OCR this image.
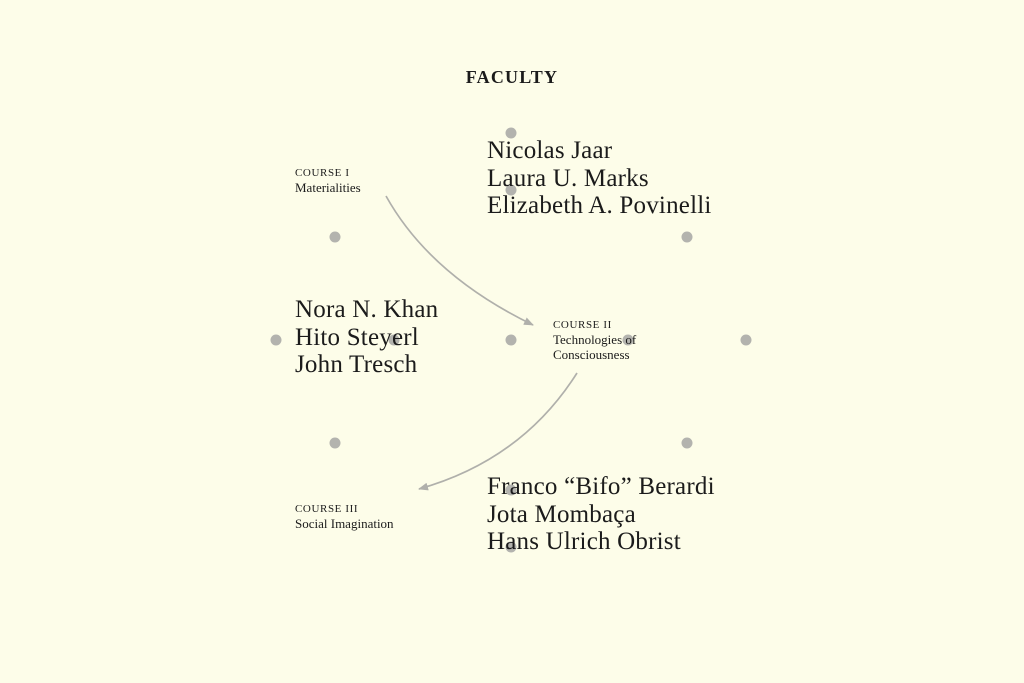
FACULTY
COURSE I
Materialities
COURSE II
Technologies of
Consciousness
COURSE III
Social Imagination
Nicolas Jaar
Laura U. Marks
Elizabeth A. Povinelli
Nora N. Khan
Hito Steyerl
John Tresch
Franco “Bifo” Berardi
Jota Mombaça
Hans Ulrich Obrist
